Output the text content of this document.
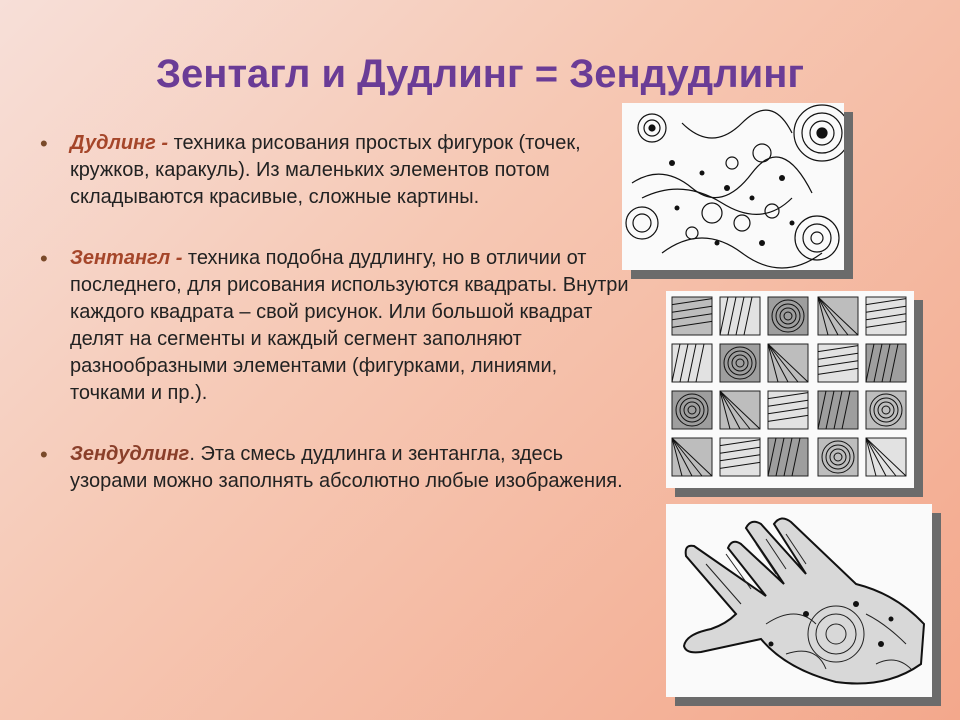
Зентагл и Дудлинг = Зендудлинг
• Дудлинг - техника рисования простых фигурок (точек, кружков, каракуль). Из маленьких элементов потом складываются красивые, сложные картины.
• Зентангл - техника подобна дудлингу, но в отличии от последнего, для рисования используются квадраты. Внутри каждого квадрата – свой рисунок. Или большой квадрат делят на сегменты и каждый сегмент заполняют разнообразными элементами (фигурками, линиями, точками и пр.).
• Зендудлинг. Эта смесь дудлинга и зентангла, здесь узорами можно заполнять абсолютно любые изображения.
